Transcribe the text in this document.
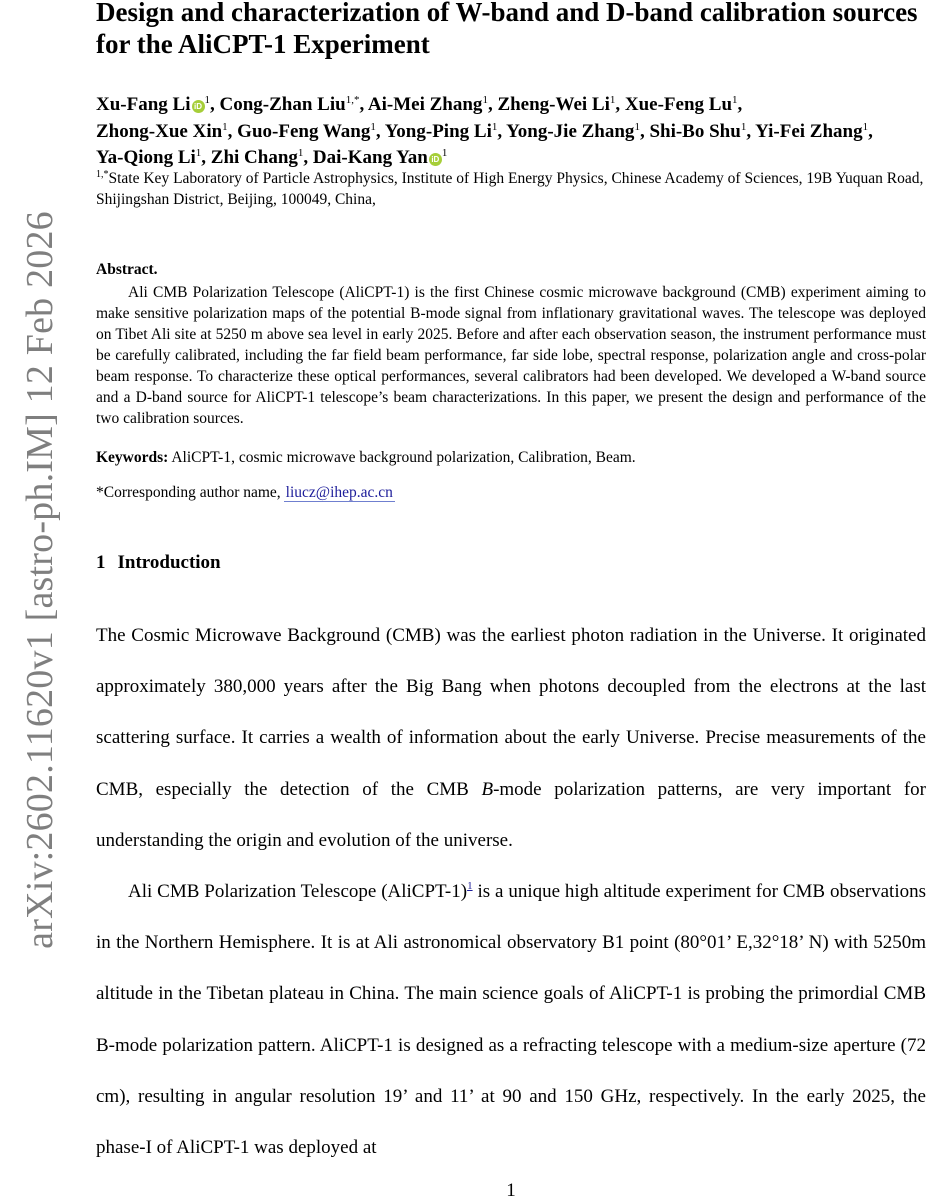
arXiv:2602.11620v1 [astro-ph.IM] 12 Feb 2026
Design and characterization of W-band and D-band calibration sources for the AliCPT-1 Experiment
Xu-Fang Li $iD^1$, Cong-Zhan Liu$^{1,*}$, Ai-Mei Zhang$^1$, Zheng-Wei Li$^1$, Xue-Feng Lu$^1$,
Zhong-Xue Xin$^1$, Guo-Feng Wang$^1$, Yong-Ping Li$^1$, Yong-Jie Zhang$^1$, Shi-Bo Shu$^1$, Yi-Fei Zhang$^1$, Ya-Qiong Li$^1$, Zhi Chang$^1$, Dai-Kang Yan $iD^1$
$^{1,*}$State Key Laboratory of Particle Astrophysics, Institute of High Energy Physics, Chinese Academy of Sciences, 19B Yuquan Road, Shijingshan District, Beijing, 100049, China,
Abstract.

Ali CMB Polarization Telescope (AliCPT-1) is the first Chinese cosmic microwave background (CMB) experiment aiming to make sensitive polarization maps of the potential B-mode signal from inflationary gravitational waves. The telescope was deployed on Tibet Ali site at 5250 m above sea level in early 2025. Before and after each observation season, the instrument performance must be carefully calibrated, including the far field beam performance, far side lobe, spectral response, polarization angle and cross-polar beam response. To characterize these optical performances, several calibrators had been developed. We developed a W-band source and a D-band source for AliCPT-1 telescope’s beam characterizations. In this paper, we present the design and performance of the two calibration sources.

Keywords: AliCPT-1, cosmic microwave background polarization, Calibration, Beam.
*Corresponding author name, liucz@ihep.ac.cn
1 Introduction

The Cosmic Microwave Background (CMB) was the earliest photon radiation in the Universe. It originated approximately 380,000 years after the Big Bang when photons decoupled from the electrons at the last scattering surface. It carries a wealth of information about the early Universe. Precise measurements of the CMB, especially the detection of the CMB B-mode polarization patterns, are very important for understanding the origin and evolution of the universe.

Ali CMB Polarization Telescope (AliCPT-1)$^1$ is a unique high altitude experiment for CMB observations in the Northern Hemisphere. It is at Ali astronomical observatory B1 point (80°01’ E,32°18’ N) with 5250m altitude in the Tibetan plateau in China. The main science goals of AliCPT-1 is probing the primordial CMB B-mode polarization pattern. AliCPT-1 is designed as a refracting telescope with a medium-size aperture (72 cm), resulting in angular resolution 19’ and 11’ at 90 and 150 GHz, respectively. In the early 2025, the phase-I of AliCPT-1 was deployed at

1
